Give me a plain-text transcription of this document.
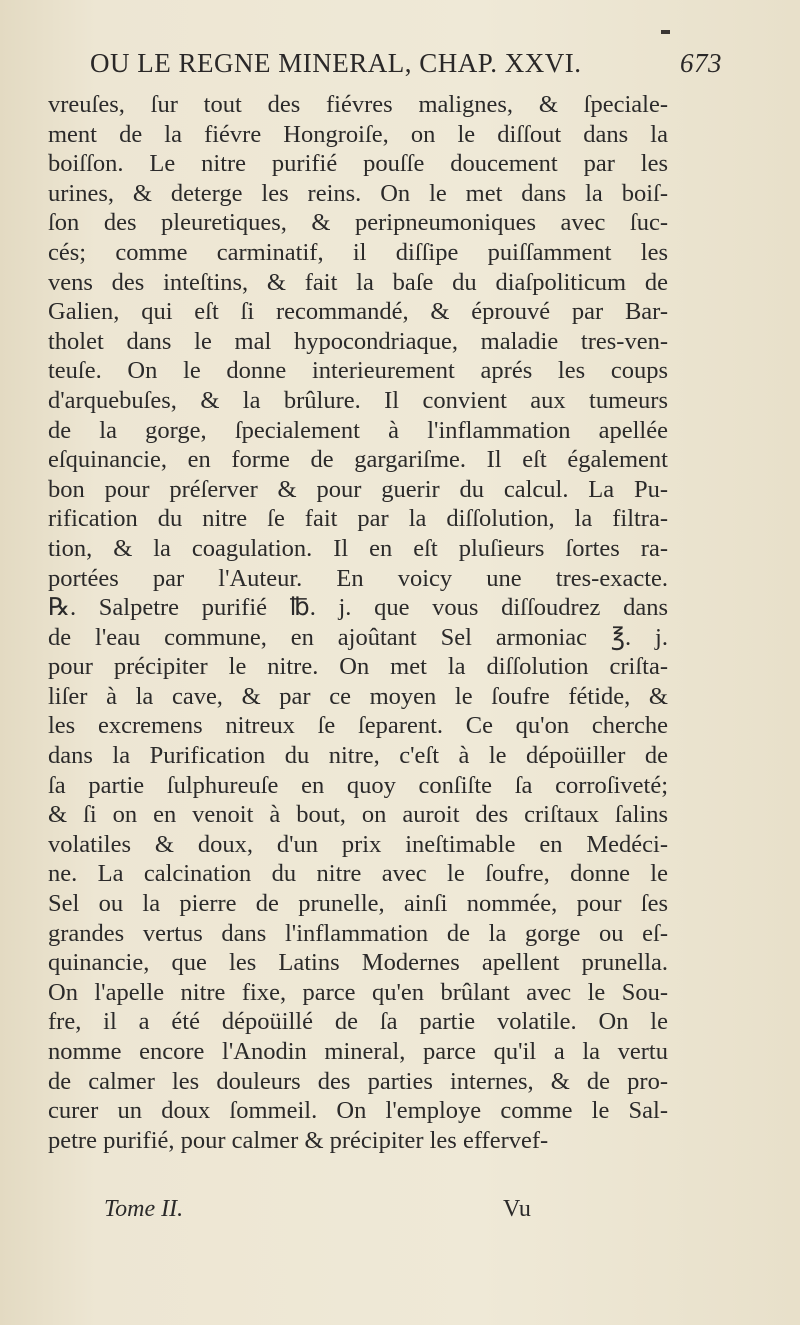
OU LE REGNE MINERAL, CHAP. XXVI.	673
vreuſes, ſur tout des fiévres malignes, & ſpeciale-
ment de la fiévre Hongroiſe, on le diſſout dans la
boiſſon. Le nitre purifié pouſſe doucement par les
urines, & deterge les reins. On le met dans la boiſ-
ſon des pleuretiques, & peripneumoniques avec ſuc-
cés; comme carminatif, il diſſipe puiſſamment les
vens des inteſtins, & fait la baſe du diaſpoliticum de
Galien, qui eſt ſi recommandé, & éprouvé par Bar-
tholet dans le mal hypocondriaque, maladie tres-ven-
teuſe. On le donne interieurement aprés les coups
d'arquebuſes, & la brûlure. Il convient aux tumeurs
de la gorge, ſpecialement à l'inflammation apellée
eſquinancie, en forme de gargariſme. Il eſt également
bon pour préſerver & pour guerir du calcul. La Pu-
rification du nitre ſe fait par la diſſolution, la filtra-
tion, & la coagulation. Il en eſt pluſieurs ſortes ra-
portées par l'Auteur. En voicy une tres-exacte.
℞. Salpetre purifié ℔. j. que vous diſſoudrez dans
de l'eau commune, en ajoûtant Sel armoniac ℥. j.
pour précipiter le nitre. On met la diſſolution criſta-
liſer à la cave, & par ce moyen le ſoufre fétide, &
les excremens nitreux ſe ſeparent. Ce qu'on cherche
dans la Purification du nitre, c'eſt à le dépoüiller de
ſa partie ſulphureuſe en quoy conſiſte ſa corroſiveté;
& ſi on en venoit à bout, on auroit des criſtaux ſalins
volatiles & doux, d'un prix ineſtimable en Medéci-
ne. La calcination du nitre avec le ſoufre, donne le
Sel ou la pierre de prunelle, ainſi nommée, pour ſes
grandes vertus dans l'inflammation de la gorge ou eſ-
quinancie, que les Latins Modernes apellent prunella.
On l'apelle nitre fixe, parce qu'en brûlant avec le Sou-
fre, il a été dépoüillé de ſa partie volatile. On le
nomme encore l'Anodin mineral, parce qu'il a la vertu
de calmer les douleurs des parties internes, & de pro-
curer un doux ſommeil. On l'employe comme le Sal-
petre purifié, pour calmer & précipiter les effervef-
Tome II.	Vu
